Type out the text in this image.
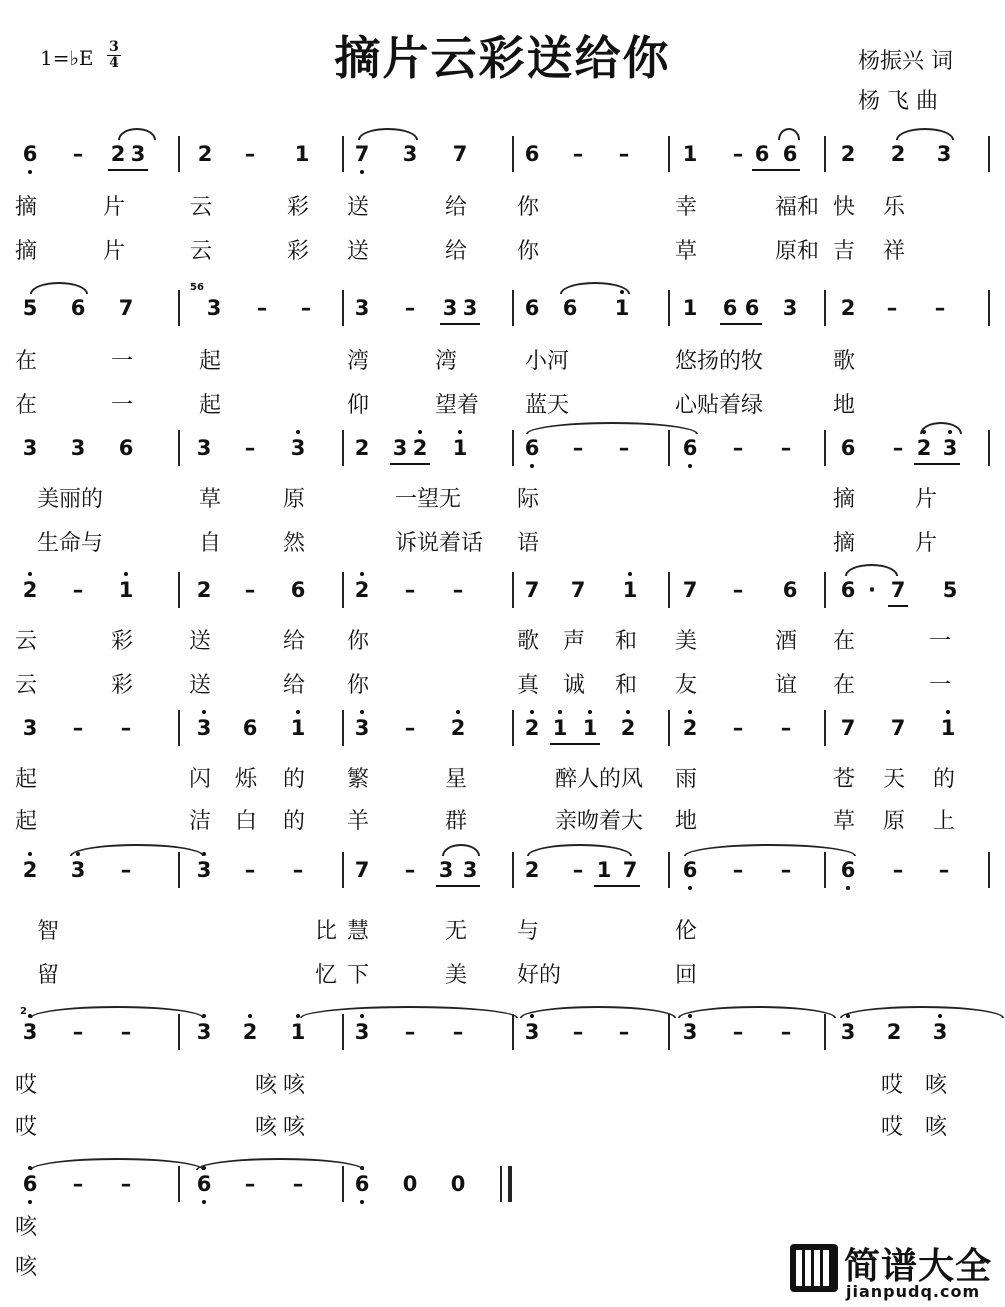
摘片云彩送给你
1=♭E 3
4	杨振兴 词
杨 飞 曲
6	–	2 3	2	–	1	7	3	7	6	–	–	1	– 6 6	2	2	3
摘	片	云	彩 送	给 你	幸	福和 快 乐
摘	片	云	彩 送	给 你	草	原和 吉 祥
5	6	7	3	–	–	3	–	3 3	6	6	1	1	6 6	3	2	–	–
在	一	起	湾	湾	小河	悠扬的牧	歌
在	一	起	仰	望着 蓝天	心贴着绿	地
3	3	6	3	–	3	2	3 2	1	6	–	–	6	–	–	6	– 2 3
美丽的	草	原	一望无	际	摘	片
生命与	自	然	诉说着话 语	摘	片
2	–	1	2	–	6	2	–	–	7	7	1	7	–	6	6 · 7	5
云	彩	送	给 你	歌 声 和 美	酒 在	一
云	彩	送	给 你	真 诚 和 友	谊 在	一
3	–	–	3	6	1	3	–	2	2 1 1	2	2	–	–	7	7	1
起	闪 烁 的 繁	星	醉人的风 雨	苍 天 的
起	洁 白 的 羊	群	亲吻着大 地	草 原 上
2	3	–	3	–	–	7	–	3 3	2	– 1 7	6	–	–	6	–	–
智	慧	无 与	伦
比
留	下	美 好的	回
忆
3	–	–	3	2	1	3	–	–	3	–	–	3	–	–	3	2	3
哎	咳 咳	哎 咳
哎	咳 咳	哎 咳
6	–	–	6	–	–	6	0	0
咳
咳
56
2
简谱大全
jianpudq.com
